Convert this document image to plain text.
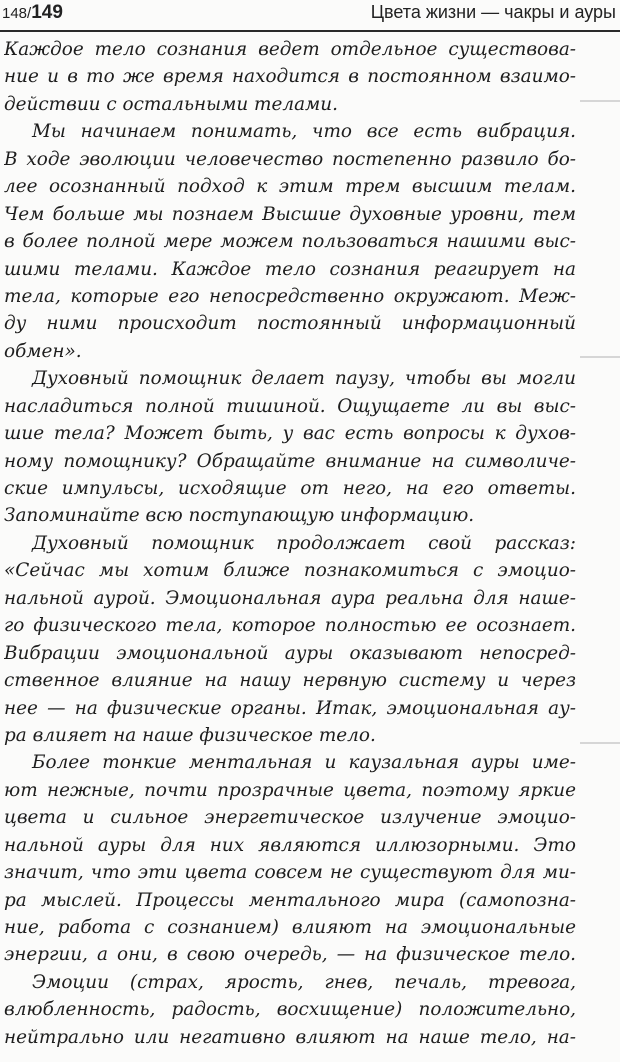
148/149	Цвета жизни — чакры и ауры
Каждое тело сознания ведет отдельное существова-
ние и в то же время находится в постоянном взаимо-
действии с остальными телами.
Мы начинаем понимать, что все есть вибрация.
В ходе эволюции человечество постепенно развило бо-
лее осознанный подход к этим трем высшим телам.
Чем больше мы познаем Высшие духовные уровни, тем
в более полной мере можем пользоваться нашими выс-
шими телами. Каждое тело сознания реагирует на
тела, которые его непосредственно окружают. Меж-
ду ними происходит постоянный информационный
обмен».
Духовный помощник делает паузу, чтобы вы могли
насладиться полной тишиной. Ощущаете ли вы выс-
шие тела? Может быть, у вас есть вопросы к духов-
ному помощнику? Обращайте внимание на символиче-
ские импульсы, исходящие от него, на его ответы.
Запоминайте всю поступающую информацию.
Духовный помощник продолжает свой рассказ:
«Сейчас мы хотим ближе познакомиться с эмоцио-
нальной аурой. Эмоциональная аура реальна для наше-
го физического тела, которое полностью ее осознает.
Вибрации эмоциональной ауры оказывают непосред-
ственное влияние на нашу нервную систему и через
нее — на физические органы. Итак, эмоциональная ау-
ра влияет на наше физическое тело.
Более тонкие ментальная и каузальная ауры име-
ют нежные, почти прозрачные цвета, поэтому яркие
цвета и сильное энергетическое излучение эмоцио-
нальной ауры для них являются иллюзорными. Это
значит, что эти цвета совсем не существуют для ми-
ра мыслей. Процессы ментального мира (самопозна-
ние, работа с сознанием) влияют на эмоциональные
энергии, а они, в свою очередь, — на физическое тело.
Эмоции (страх, ярость, гнев, печаль, тревога,
влюбленность, радость, восхищение) положительно,
нейтрально или негативно влияют на наше тело, на-
